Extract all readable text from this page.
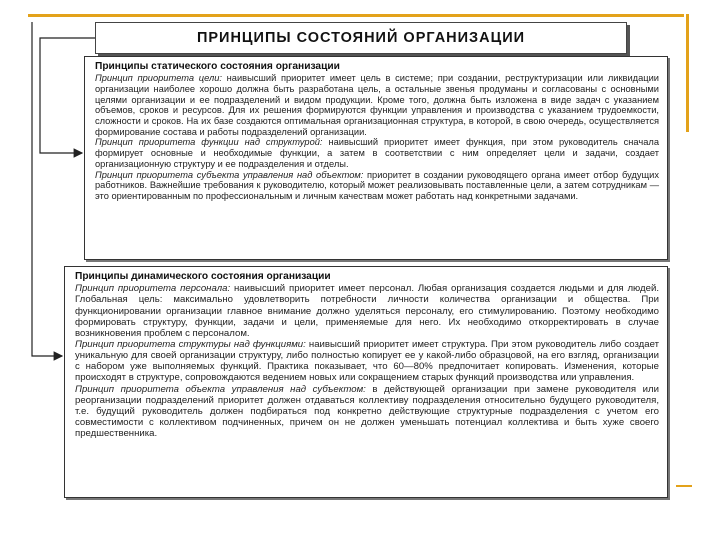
ПРИНЦИПЫ СОСТОЯНИЙ ОРГАНИЗАЦИИ
Принципы статического состояния организации
Принцип приоритета цели: наивысший приоритет имеет цель в системе; при создании, реструктуризации или ликвидации организации наиболее хорошо должна быть разработана цель, а остальные звенья продуманы и согласованы с основными целями организации и ее подразделений и видом продукции. Кроме того, должна быть изложена в виде задач с указанием объемов, сроков и ресурсов. Для их решения формируются функции управления и производства с указанием трудоемкости, сложности и сроков. На их базе создаются оптимальная организационная структура, в которой, в свою очередь, осуществляется формирование состава и работы подразделений организации.
Принцип приоритета функции над структурой: наивысший приоритет имеет функция, при этом руководитель сначала формирует основные и необходимые функции, а затем в соответствии с ним определяет цели и задачи, создает организационную структуру и ее подразделения и отделы.
Принцип приоритета субъекта управления над объектом: приоритет в создании руководящего органа имеет отбор будущих работников. Важнейшие требования к руководителю, который может реализовывать поставленные цели, а затем сотрудникам — это ориентированным по профессиональным и личным качествам может работать над конкретными задачами.
Принципы динамического состояния организации
Принцип приоритета персонала: наивысший приоритет имеет персонал. Любая организация создается людьми и для людей. Глобальная цель: максимально удовлетворить потребности личности количества организации и общества. При функционировании организации главное внимание должно уделяться персоналу, его стимулированию. Поэтому необходимо формировать структуру, функции, задачи и цели, применяемые для него. Их необходимо откорректировать в случае возникновения проблем с персоналом.
Принцип приоритета структуры над функциями: наивысший приоритет имеет структура. При этом руководитель либо создает уникальную для своей организации структуру, либо полностью копирует ее у какой-либо образцовой, на его взгляд, организации с набором уже выполняемых функций. Практика показывает, что 60—80% предпочитает копировать. Изменения, которые происходят в структуре, сопровождаются ведением новых или сокращением старых функций производства или управления.
Принцип приоритета объекта управления над субъектом: в действующей организации при замене руководителя или реорганизации подразделений приоритет должен отдаваться коллективу подразделения относительно будущего руководителя, т.е. будущий руководитель должен подбираться под конкретно действующие структурные подразделения с учетом его совместимости с коллективом подчиненных, причем он не должен уменьшать потенциал коллектива и быть хуже своего предшественника.
